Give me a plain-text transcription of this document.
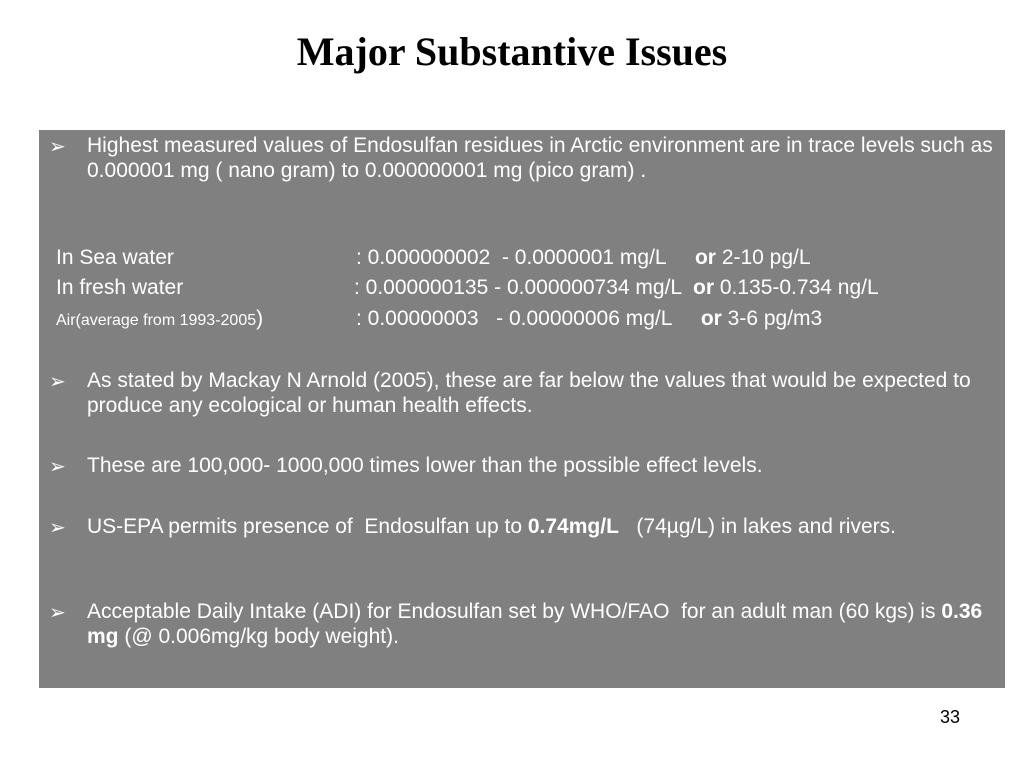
Major Substantive Issues
➢ Highest measured values of Endosulfan residues in Arctic environment are in trace levels such as 0.000001 mg ( nano gram) to 0.000000001 mg (pico gram) .
In Sea water	: 0.000000002  - 0.0000001 mg/L     or 2-10 pg/L
In fresh water	: 0.000000135 - 0.000000734 mg/L  or 0.135-0.734 ng/L
Air(average from 1993-2005)	: 0.00000003   - 0.00000006 mg/L     or 3-6 pg/m3
➢ As stated by Mackay N Arnold (2005), these are far below the values that would be expected to produce any ecological or human health effects.
➢ These are 100,000- 1000,000 times lower than the possible effect levels.
➢ US-EPA permits presence of  Endosulfan up to 0.74mg/L   (74µg/L) in lakes and rivers.
➢ Acceptable Daily Intake (ADI) for Endosulfan set by WHO/FAO  for an adult man (60 kgs) is 0.36 mg (@ 0.006mg/kg body weight).
33
